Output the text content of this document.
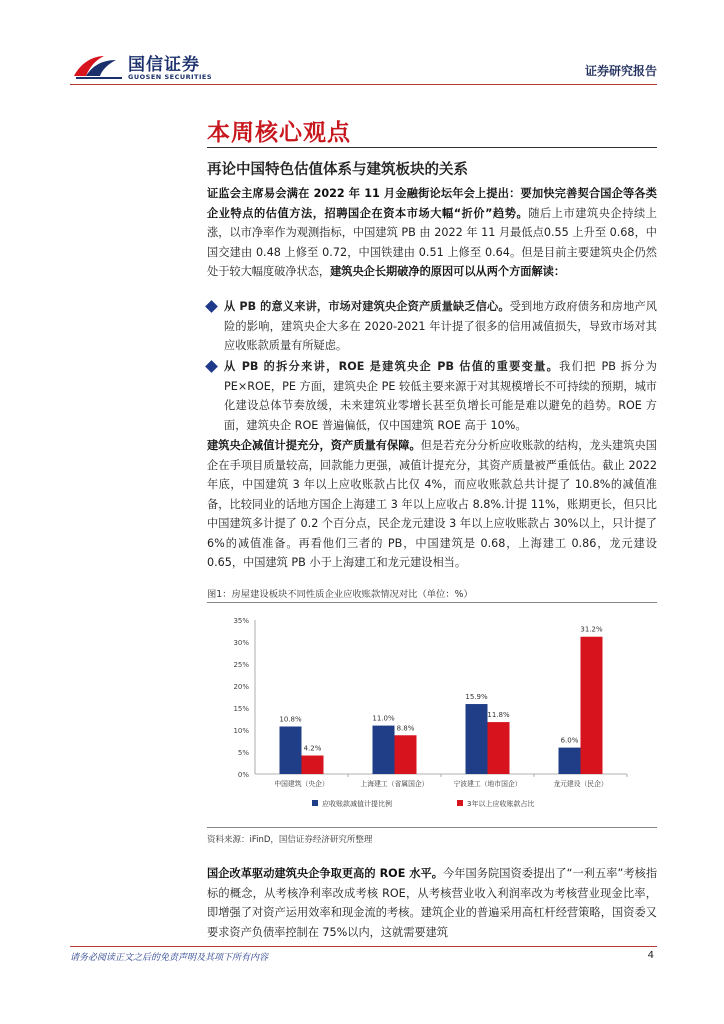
国信证券
GUOSEN SECURITIES	证券研究报告
本周核心观点
再论中国特色估值体系与建筑板块的关系
证监会主席易会满在 2022 年 11 月金融街论坛年会上提出：要加快完善契合国企等各类企业特点的估值方法，招聘国企在资本市场大幅“折价”趋势。随后上市建筑央企持续上涨，以市净率作为观测指标，中国建筑 PB 由 2022 年 11 月最低点0.55 上升至 0.68，中国交建由 0.48 上修至 0.72，中国铁建由 0.51 上修至 0.64。但是目前主要建筑央企仍然处于较大幅度破净状态，建筑央企长期破净的原因可以从两个方面解读：
从 PB 的意义来讲，市场对建筑央企资产质量缺乏信心。受到地方政府债务和房地产风险的影响，建筑央企大多在 2020-2021 年计提了很多的信用减值损失，导致市场对其应收账款质量有所疑虑。
从 PB 的拆分来讲，ROE 是建筑央企 PB 估值的重要变量。我们把 PB 拆分为 PE×ROE，PE 方面，建筑央企 PE 较低主要来源于对其规模增长不可持续的预期，城市化建设总体节奏放缓，未来建筑业零增长甚至负增长可能是难以避免的趋势。ROE 方面，建筑央企 ROE 普遍偏低，仅中国建筑 ROE 高于 10%。
建筑央企减值计提充分，资产质量有保障。但是若充分分析应收账款的结构，龙头建筑央国企在手项目质量较高，回款能力更强，减值计提充分，其资产质量被严重低估。截止 2022 年底，中国建筑 3 年以上应收账款占比仅 4%，而应收账款总共计提了 10.8%的减值准备，比较同业的话地方国企上海建工 3 年以上应收占 8.8%.计提 11%，账期更长，但只比中国建筑多计提了 0.2 个百分点，民企龙元建设 3 年以上应收账款占 30%以上，只计提了 6%的减值准备。再看他们三者的 PB，中国建筑是 0.68，上海建工 0.86，龙元建设 0.65，中国建筑 PB 小于上海建工和龙元建设相当。
图1：房屋建设板块不同性质企业应收账款情况对比（单位：%）
0%
5%
10%
15%
20%
25%
30%
35%
10.8%
4.2%
中国建筑（央企）
11.0%
8.8%
上海建工（省属国企）
15.9%
11.8%
宁波建工（地市国企）
6.0%
31.2%
龙元建设（民企）
应收账款减值计提比例	3年以上应收账款占比
资料来源：iFinD，国信证券经济研究所整理
国企改革驱动建筑央企争取更高的 ROE 水平。今年国务院国资委提出了“一利五率”考核指标的概念，从考核净利率改成考核 ROE，从考核营业收入利润率改为考核营业现金比率，即增强了对资产运用效率和现金流的考核。建筑企业的普遍采用高杠杆经营策略，国资委又要求资产负债率控制在 75%以内，这就需要建筑
请务必阅读正文之后的免责声明及其项下所有内容	4
